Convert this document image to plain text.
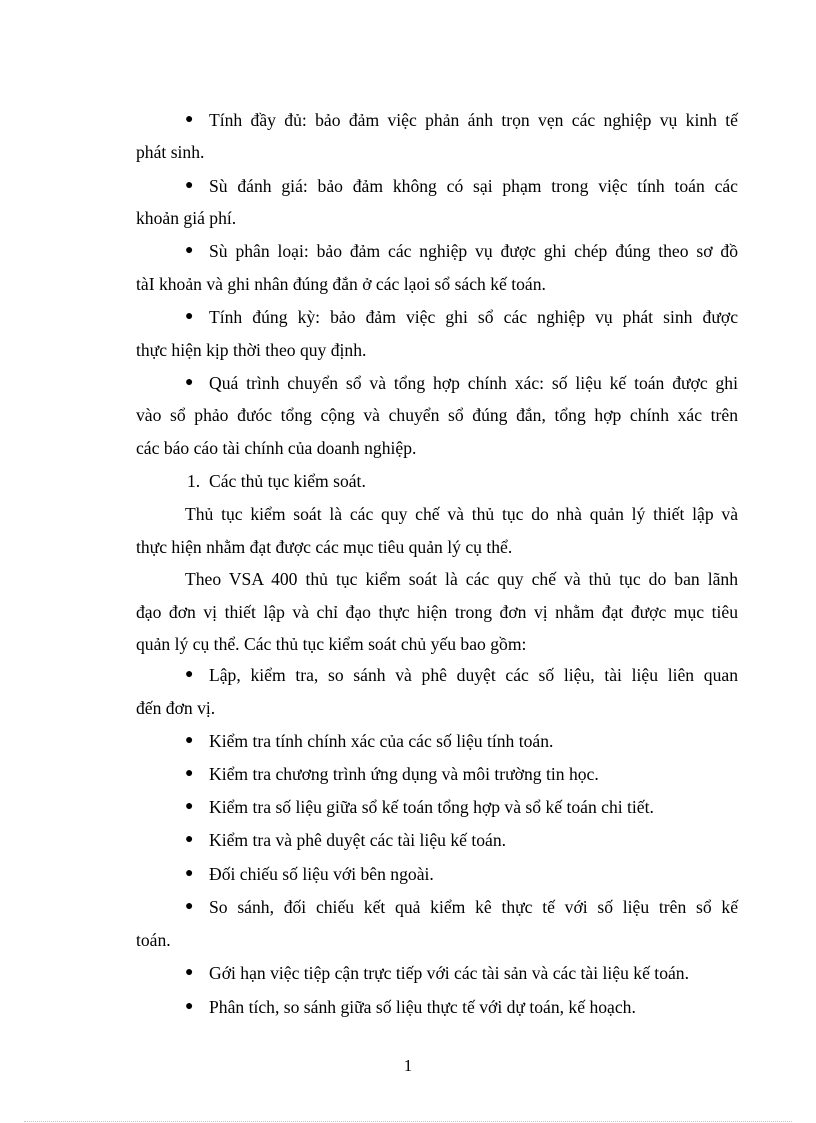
● Tính đầy đủ: bảo đảm việc phản ánh trọn vẹn các nghiệp vụ kinh tế
phát sinh.
● Sù đánh giá: bảo đảm không có sại phạm trong việc tính toán các
khoản giá phí.
● Sù phân loại: bảo đảm các nghiệp vụ được ghi chép đúng theo sơ đồ
tàI khoản và ghi nhân đúng đắn ở các lạoi sổ sách kế toán.
● Tính đúng kỳ: bảo đảm việc ghi sổ các nghiệp vụ phát sinh được
thực hiện kịp thời theo quy định.
● Quá trình chuyển sổ và tổng hợp chính xác: số liệu kế toán được ghi
vào sổ phảo đưóc tổng cộng và chuyển sổ đúng đắn, tổng hợp chính xác trên
các báo cáo tài chính của doanh nghiệp.
1. Các thủ tục kiểm soát.
Thủ tục kiểm soát là các quy chế và thủ tục do nhà quản lý thiết lập và
thực hiện nhằm đạt được các mục tiêu quản lý cụ thể.
Theo VSA 400 thủ tục kiểm soát là các quy chế và thủ tục do ban lãnh
đạo đơn vị thiết lập và chỉ đạo thực hiện trong đơn vị nhằm đạt được mục tiêu
quản lý cụ thể. Các thủ tục kiểm soát chủ yếu bao gồm:
● Lập, kiểm tra, so sánh và phê duyệt các số liệu, tài liệu liên quan
đến đơn vị.
● Kiểm tra tính chính xác của các số liệu tính toán.
● Kiểm tra chương trình ứng dụng và môi trường tin học.
● Kiểm tra số liệu giữa sổ kế toán tổng hợp và sổ kế toán chi tiết.
● Kiểm tra và phê duyệt các tài liệu kế toán.
● Đối chiếu số liệu với bên ngoài.
● So sánh, đối chiếu kết quả kiểm kê thực tế với số liệu trên sổ kế
toán.
● Gới hạn việc tiệp cận trực tiếp với các tài sản và các tài liệu kế toán.
● Phân tích, so sánh giữa số liệu thực tế với dự toán, kế hoạch.
1
